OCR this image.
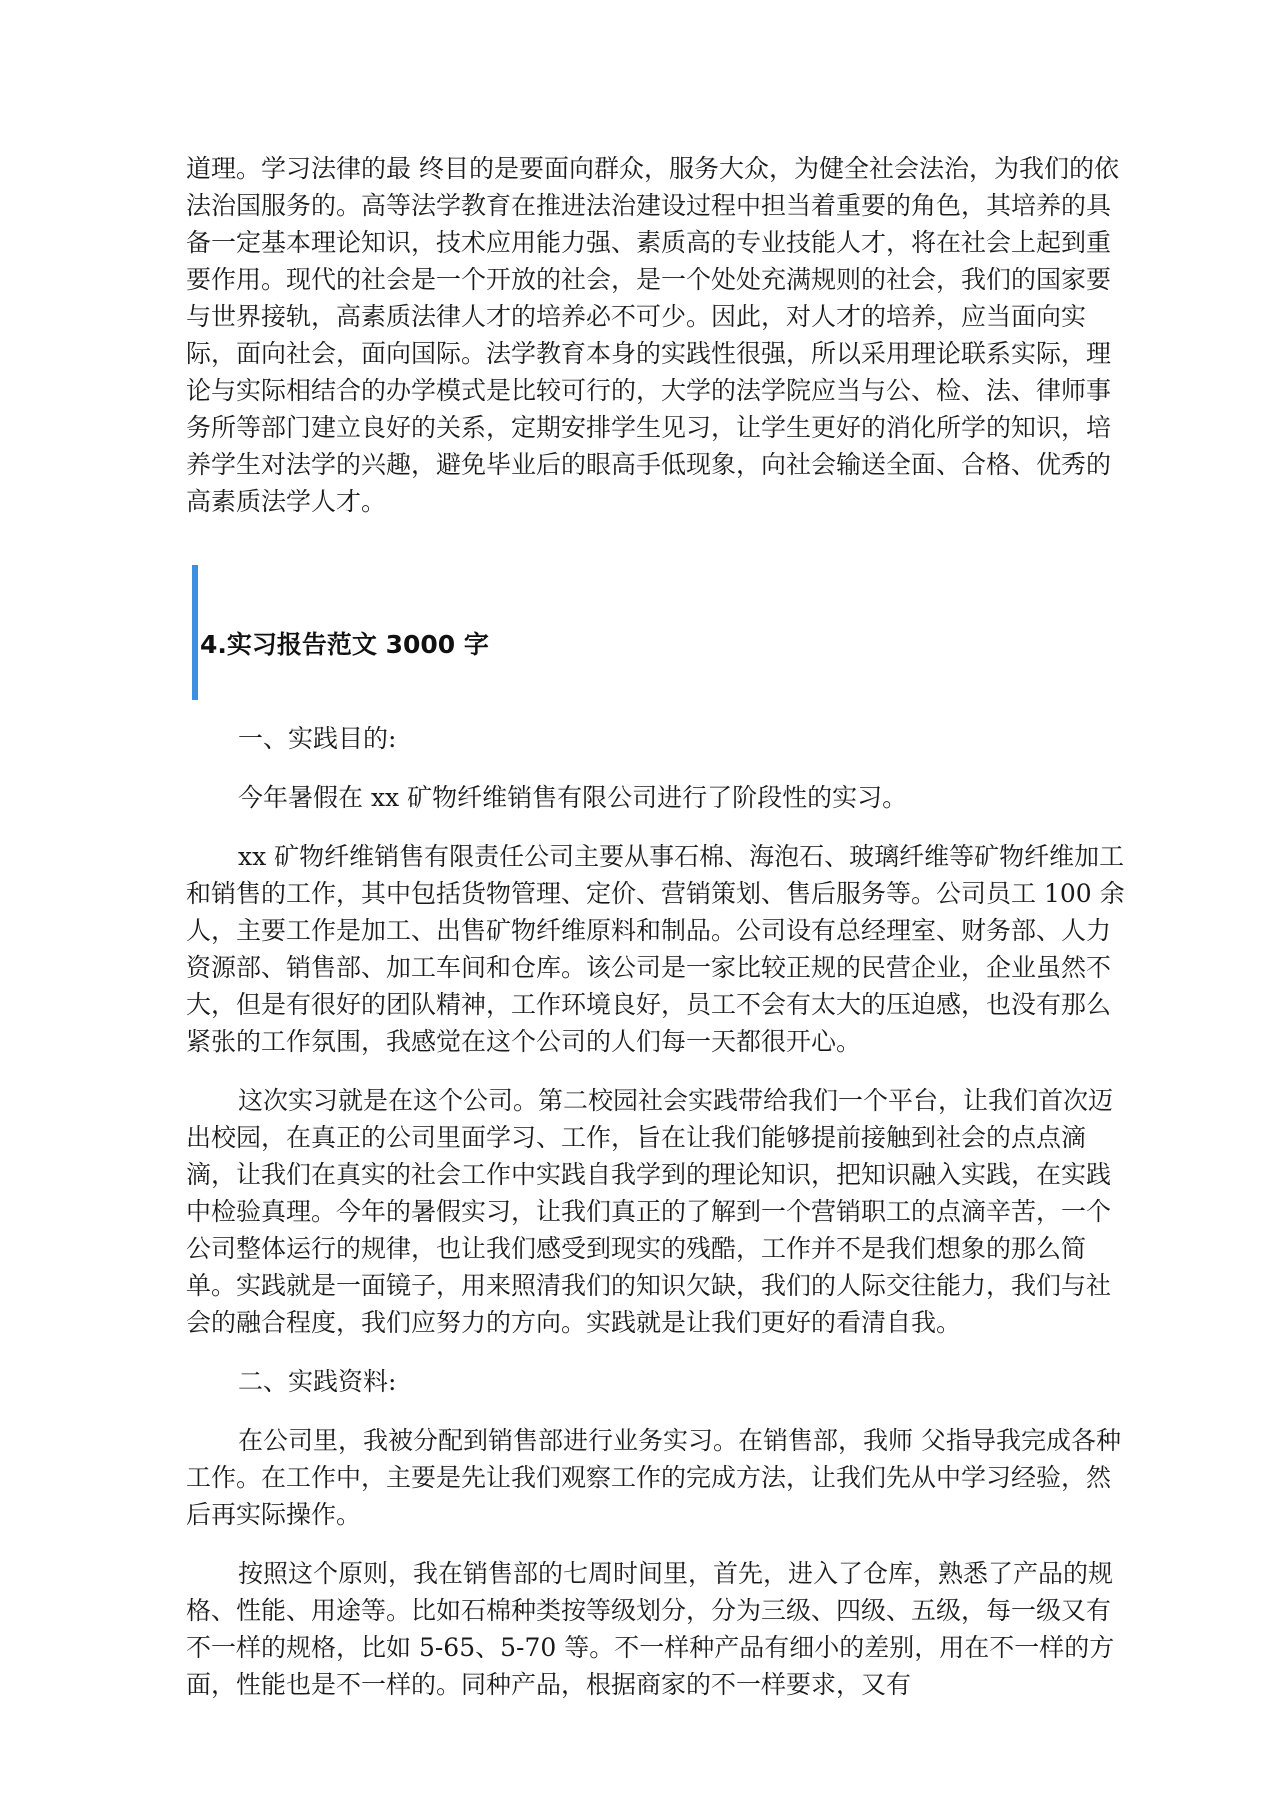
道理。学习法律的最 终目的是要面向群众，服务大众，为健全社会法治，为我们的依法治国服务的。高等法学教育在推进法治建设过程中担当着重要的角色，其培养的具备一定基本理论知识，技术应用能力强、素质高的专业技能人才，将在社会上起到重要作用。现代的社会是一个开放的社会，是一个处处充满规则的社会，我们的国家要与世界接轨，高素质法律人才的培养必不可少。因此，对人才的培养，应当面向实际，面向社会，面向国际。法学教育本身的实践性很强，所以采用理论联系实际，理论与实际相结合的办学模式是比较可行的，大学的法学院应当与公、检、法、律师事务所等部门建立良好的关系，定期安排学生见习，让学生更好的消化所学的知识，培养学生对法学的兴趣，避免毕业后的眼高手低现象，向社会输送全面、合格、优秀的高素质法学人才。

4.实习报告范文 3000 字

一、实践目的:

今年暑假在 xx 矿物纤维销售有限公司进行了阶段性的实习。

xx 矿物纤维销售有限责任公司主要从事石棉、海泡石、玻璃纤维等矿物纤维加工和销售的工作，其中包括货物管理、定价、营销策划、售后服务等。公司员工 100 余人，主要工作是加工、出售矿物纤维原料和制品。公司设有总经理室、财务部、人力资源部、销售部、加工车间和仓库。该公司是一家比较正规的民营企业，企业虽然不大，但是有很好的团队精神，工作环境良好，员工不会有太大的压迫感，也没有那么紧张的工作氛围，我感觉在这个公司的人们每一天都很开心。

这次实习就是在这个公司。第二校园社会实践带给我们一个平台，让我们首次迈出校园，在真正的公司里面学习、工作，旨在让我们能够提前接触到社会的点点滴滴，让我们在真实的社会工作中实践自我学到的理论知识，把知识融入实践，在实践中检验真理。今年的暑假实习，让我们真正的了解到一个营销职工的点滴辛苦，一个公司整体运行的规律，也让我们感受到现实的残酷，工作并不是我们想象的那么简单。实践就是一面镜子，用来照清我们的知识欠缺，我们的人际交往能力，我们与社会的融合程度，我们应努力的方向。实践就是让我们更好的看清自我。

二、实践资料:

在公司里，我被分配到销售部进行业务实习。在销售部，我师 父指导我完成各种工作。在工作中，主要是先让我们观察工作的完成方法，让我们先从中学习经验，然后再实际操作。

按照这个原则，我在销售部的七周时间里，首先，进入了仓库，熟悉了产品的规格、性能、用途等。比如石棉种类按等级划分，分为三级、四级、五级，每一级又有不一样的规格，比如 5-65、5-70 等。不一样种产品有细小的差别，用在不一样的方面，性能也是不一样的。同种产品，根据商家的不一样要求，又有
